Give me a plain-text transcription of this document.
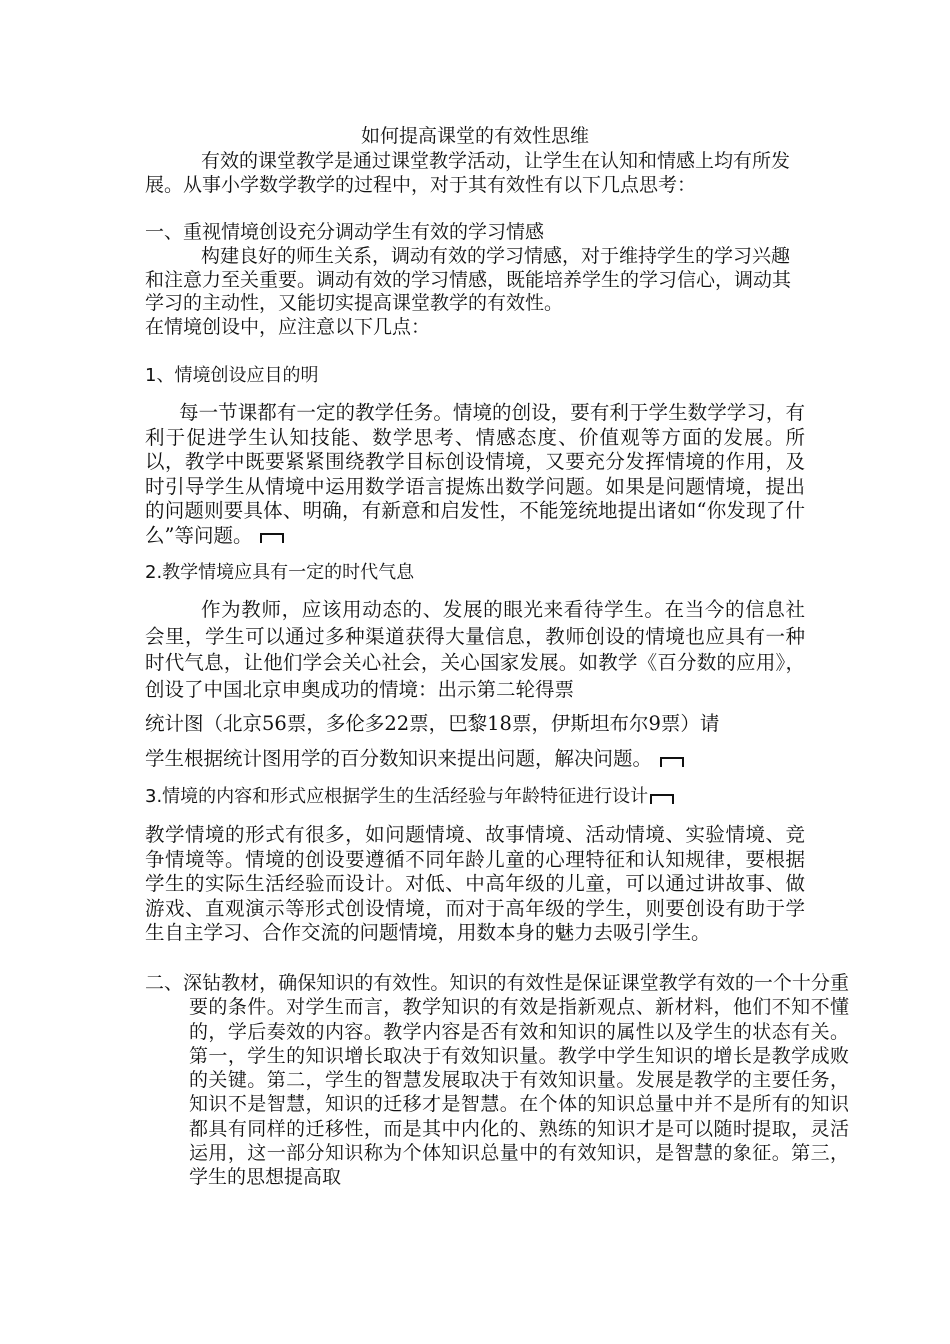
如何提高课堂的有效性思维

有效的课堂教学是通过课堂教学活动，让学生在认知和情感上均有所发展。从事小学数学教学的过程中，对于其有效性有以下几点思考：

一、重视情境创设充分调动学生有效的学习情感

构建良好的师生关系，调动有效的学习情感，对于维持学生的学习兴趣和注意力至关重要。调动有效的学习情感，既能培养学生的学习信心，调动其学习的主动性，又能切实提高课堂教学的有效性。

在情境创设中，应注意以下几点：

1、情境创设应目的明

每一节课都有一定的教学任务。情境的创设，要有利于学生数学学习，有利于促进学生认知技能、数学思考、情感态度、价值观等方面的发展。所以，教学中既要紧紧围绕教学目标创设情境，又要充分发挥情境的作用，及时引导学生从情境中运用数学语言提炼出数学问题。如果是问题情境，提出的问题则要具体、明确，有新意和启发性，不能笼统地提出诸如“你发现了什么”等问题。

2.教学情境应具有一定的时代气息

作为教师，应该用动态的、发展的眼光来看待学生。在当今的信息社会里，学生可以通过多种渠道获得大量信息，教师创设的情境也应具有一种时代气息，让他们学会关心社会，关心国家发展。如教学《百分数的应用》，创设了中国北京申奥成功的情境：出示第二轮得票

统计图（北京56票，多伦多22票，巴黎18票，伊斯坦布尔9票）请

学生根据统计图用学的百分数知识来提出问题，解决问题。

3.情境的内容和形式应根据学生的生活经验与年龄特征进行设计

教学情境的形式有很多，如问题情境、故事情境、活动情境、实验情境、竞争情境等。情境的创设要遵循不同年龄儿童的心理特征和认知规律，要根据学生的实际生活经验而设计。对低、中高年级的儿童，可以通过讲故事、做游戏、直观演示等形式创设情境，而对于高年级的学生，则要创设有助于学生自主学习、合作交流的问题情境，用数本身的魅力去吸引学生。

二、深钻教材，确保知识的有效性。知识的有效性是保证课堂教学有效的一个十分重要的条件。对学生而言，教学知识的有效是指新观点、新材料，他们不知不懂的，学后奏效的内容。教学内容是否有效和知识的属性以及学生的状态有关。第一，学生的知识增长取决于有效知识量。教学中学生知识的增长是教学成败的关键。第二，学生的智慧发展取决于有效知识量。发展是教学的主要任务，知识不是智慧，知识的迁移才是智慧。在个体的知识总量中并不是所有的知识都具有同样的迁移性，而是其中内化的、熟练的知识才是可以随时提取，灵活运用，这一部分知识称为个体知识总量中的有效知识，是智慧的象征。第三，学生的思想提高取
